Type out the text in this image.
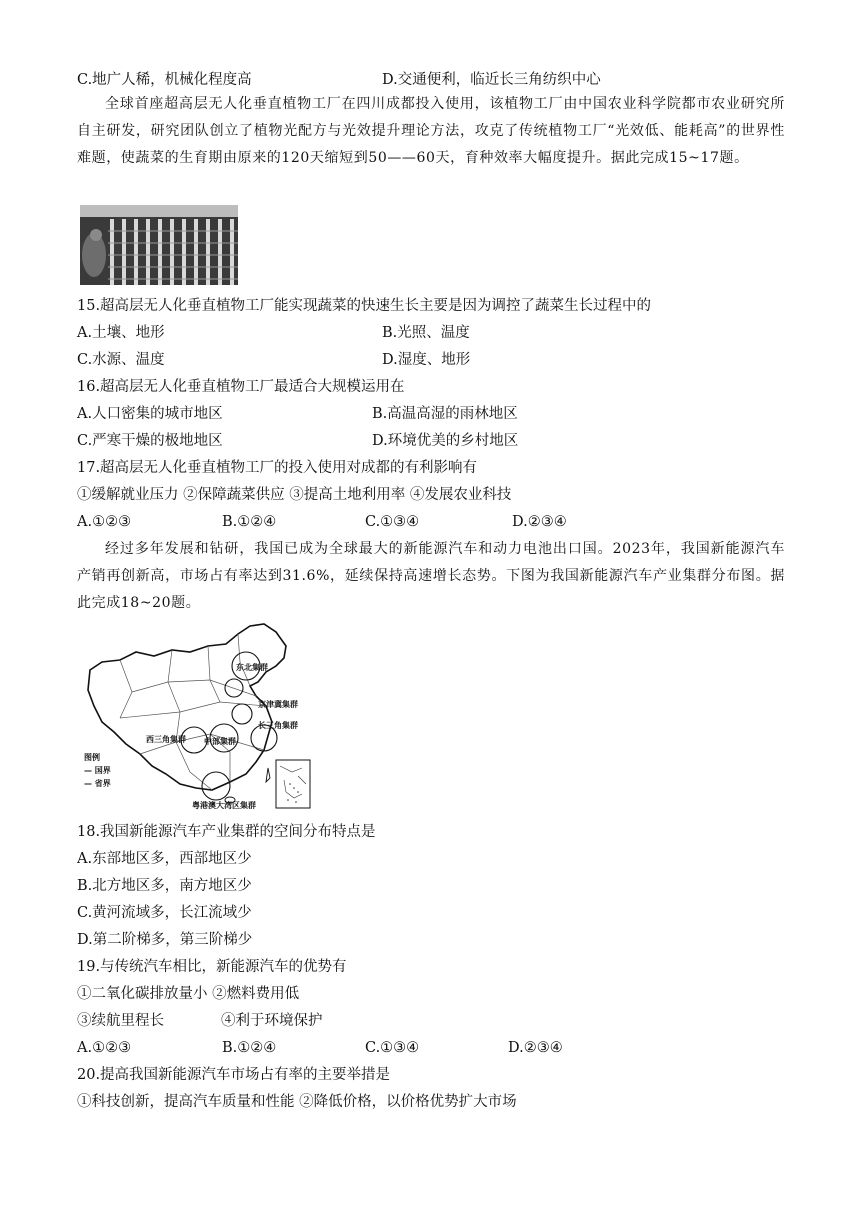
C.地广人稀，机械化程度高	D.交通便利，临近长三角纺织中心
全球首座超高层无人化垂直植物工厂在四川成都投入使用，该植物工厂由中国农业科学院都市农业研究所自主研发，研究团队创立了植物光配方与光效提升理论方法，攻克了传统植物工厂“光效低、能耗高”的世界性难题，使蔬菜的生育期由原来的120天缩短到50——60天，育种效率大幅度提升。据此完成15~17题。
15.超高层无人化垂直植物工厂能实现蔬菜的快速生长主要是因为调控了蔬菜生长过程中的
A.土壤、地形	B.光照、温度
C.水源、温度	D.湿度、地形
16.超高层无人化垂直植物工厂最适合大规模运用在
A.人口密集的城市地区	B.高温高湿的雨林地区
C.严寒干燥的极地地区	D.环境优美的乡村地区
17.超高层无人化垂直植物工厂的投入使用对成都的有利影响有
①缓解就业压力 ②保障蔬菜供应 ③提高土地利用率 ④发展农业科技
A.①②③	B.①②④	C.①③④	D.②③④
经过多年发展和钻研，我国已成为全球最大的新能源汽车和动力电池出口国。2023年，我国新能源汽车产销再创新高，市场占有率达到31.6%，延续保持高速增长态势。下图为我国新能源汽车产业集群分布图。据此完成18~20题。
东北集群
京津冀集群
长三角集群
中部集群
西三角集群
粤港澳大湾区集群
图例
— 国界
— 省界
18.我国新能源汽车产业集群的空间分布特点是
A.东部地区多，西部地区少
B.北方地区多，南方地区少
C.黄河流域多，长江流域少
D.第二阶梯多，第三阶梯少
19.与传统汽车相比，新能源汽车的优势有
①二氧化碳排放量小 ②燃料费用低
③续航里程长	④利于环境保护
A.①②③	B.①②④	C.①③④	D.②③④
20.提高我国新能源汽车市场占有率的主要举措是
①科技创新，提高汽车质量和性能 ②降低价格，以价格优势扩大市场
